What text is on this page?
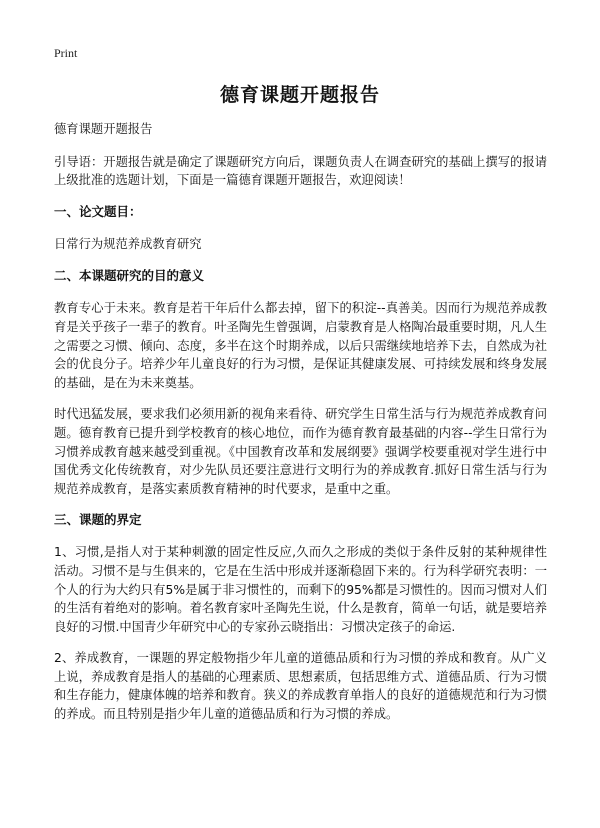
Print
德育课题开题报告

德育课题开题报告

引导语：开题报告就是确定了课题研究方向后，课题负责人在调查研究的基础上撰写的报请上级批准的选题计划，下面是一篇德育课题开题报告，欢迎阅读！

一、论文题目：

日常行为规范养成教育研究

二、本课题研究的目的意义

教育专心于未来。教育是若干年后什么都去掉，留下的积淀--真善美。因而行为规范养成教育是关乎孩子一辈子的教育。叶圣陶先生曾强调，启蒙教育是人格陶冶最重要时期，凡人生之需要之习惯、倾向、态度，多半在这个时期养成，以后只需继续地培养下去，自然成为社会的优良分子。培养少年儿童良好的行为习惯，是保证其健康发展、可持续发展和终身发展的基础，是在为未来奠基。

时代迅猛发展，要求我们必须用新的视角来看待、研究学生日常生活与行为规范养成教育问题。德育教育已提升到学校教育的核心地位，而作为德育教育最基础的内容--学生日常行为习惯养成教育越来越受到重视。《中国教育改革和发展纲要》强调学校要重视对学生进行中国优秀文化传统教育，对少先队员还要注意进行文明行为的养成教育.抓好日常生活与行为规范养成教育，是落实素质教育精神的时代要求，是重中之重。

三、课题的界定

1、习惯,是指人对于某种刺激的固定性反应,久而久之形成的类似于条件反射的某种规律性活动。习惯不是与生俱来的，它是在生活中形成并逐渐稳固下来的。行为科学研究表明：一个人的行为大约只有5%是属于非习惯性的，而剩下的95%都是习惯性的。因而习惯对人们的生活有着绝对的影响。着名教育家叶圣陶先生说，什么是教育，简单一句话，就是要培养良好的习惯.中国青少年研究中心的专家孙云晓指出：习惯决定孩子的命运.

2、养成教育，一课题的界定般物指少年儿童的道德品质和行为习惯的养成和教育。从广义上说，养成教育是指人的基础的心理素质、思想素质，包括思维方式、道德品质、行为习惯和生存能力，健康体魄的培养和教育。狭义的养成教育单指人的良好的道德规范和行为习惯的养成。而且特别是指少年儿童的道德品质和行为习惯的养成。
